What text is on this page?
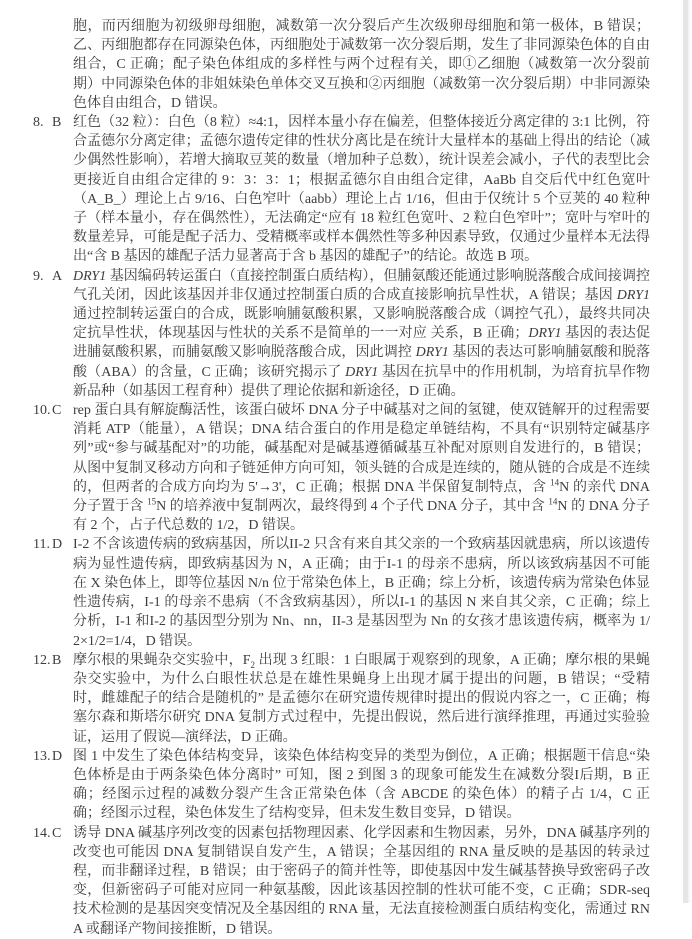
胞，而丙细胞为初级卵母细胞，减数第一次分裂后产生次级卵母细胞和第一极体，B 错误；乙、丙细胞都存在同源染色体，丙细胞处于减数第一次分裂后期，发生了非同源染色体的自由组合，C 正确；配子染色体组成的多样性与两个过程有关，即①乙细胞（减数第一次分裂前期）中同源染色体的非姐妹染色单体交叉互换和②丙细胞（减数第一次分裂后期）中非同源染色体自由组合，D 错误。
8. B 红色（32 粒）：白色（8 粒）≈4:1，因样本量小存在偏差，但整体接近分离定律的 3:1 比例，符合孟德尔分离定律；孟德尔遗传定律的性状分离比是在统计大量样本的基础上得出的结论（减少偶然性影响），若增大摘取豆荚的数量（增加种子总数），统计误差会减小，子代的表型比会更接近自由组合定律的 9：3：3：1；根据孟德尔自由组合定律，AaBb 自交后代中红色宽叶（A_B_）理论上占 9/16、白色窄叶（aabb）理论上占 1/16，但由于仅统计 5 个豆荚的 40 粒种子（样本量小，存在偶然性），无法确定“应有 18 粒红色宽叶、2 粒白色窄叶”；宽叶与窄叶的数量差异，可能是配子活力、受精概率或样本偶然性等多种因素导致，仅通过少量样本无法得出“含 B 基因的雄配子活力显著高于含 b 基因的雄配子”的结论。故选 B 项。
9. A DRY1 基因编码转运蛋白（直接控制蛋白质结构），但脯氨酸还能通过影响脱落酸合成间接调控气孔关闭，因此该基因并非仅通过控制蛋白质的合成直接影响抗旱性状，A 错误；基因 DRY1 通过控制转运蛋白的合成，既影响脯氨酸积累，又影响脱落酸合成（调控气孔），最终共同决定抗旱性状，体现基因与性状的关系不是简单的一一对应 关系，B 正确；DRY1 基因的表达促进脯氨酸积累，而脯氨酸又影响脱落酸合成，因此调控 DRY1 基因的表达可影响脯氨酸和脱落酸（ABA）的含量，C 正确；该研究揭示了 DRY1 基因在抗旱中的作用机制，为培育抗旱作物新品种（如基因工程育种）提供了理论依据和新途径，D 正确。
10. C rep 蛋白具有解旋酶活性，该蛋白破坏 DNA 分子中碱基对之间的氢键，使双链解开的过程需要消耗 ATP（能量），A 错误；DNA 结合蛋白的作用是稳定单链结构，不具有“识别特定碱基序列”或“参与碱基配对”的功能，碱基配对是碱基遵循碱基互补配对原则自发进行的，B 错误；从图中复制叉移动方向和子链延伸方向可知，领头链的合成是连续的，随从链的合成是不连续的，但两者的合成方向均为 5'→3'，C 正确；根据 DNA 半保留复制特点，含 $^{14}$N 的亲代 DNA 分子置于含 $^{15}$N 的培养液中复制两次，最终得到 4 个子代 DNA 分子，其中含 $^{14}$N 的 DNA 分子有 2 个，占子代总数的 1/2，D 错误。
11. D I-2 不含该遗传病的致病基因，所以II-2 只含有来自其父亲的一个致病基因就患病，所以该遗传病为显性遗传病，即致病基因为 N，A 正确；由于I-1 的母亲不患病，所以该致病基因不可能在 X 染色体上，即等位基因 N/n 位于常染色体上，B 正确；综上分析，该遗传病为常染色体显性遗传病，I-1 的母亲不患病（不含致病基因），所以I-1 的基因 N 来自其父亲，C 正确；综上分析，I-1 和I-2 的基因型分别为 Nn、nn，II-3 是基因型为 Nn 的女孩才患该遗传病，概率为 1/2×1/2=1/4，D 错误。
12. B 摩尔根的果蝇杂交实验中，$F_2$ 出现 3 红眼：1 白眼属于观察到的现象，A 正确；摩尔根的果蝇杂交实验中，为什么白眼性状总是在雄性果蝇身上出现才属于提出的问题，B 错误；“受精时，雌雄配子的结合是随机的” 是孟德尔在研究遗传规律时提出的假说内容之一，C 正确；梅塞尔森和斯塔尔研究 DNA 复制方式过程中，先提出假说，然后进行演绎推理，再通过实验验证，运用了假说—演绎法，D 正确。
13. D 图 1 中发生了染色体结构变异，该染色体结构变异的类型为倒位，A 正确；根据题干信息“染色体桥是由于两条染色体分离时” 可知，图 2 到图 3 的现象可能发生在减数分裂I后期，B 正确；经图示过程的减数分裂产生含正常染色体（含 ABCDE 的染色体）的精子占 1/4，C 正确；经图示过程，染色体发生了结构变异，但未发生数目变异，D 错误。
14. C 诱导 DNA 碱基序列改变的因素包括物理因素、化学因素和生物因素，另外，DNA 碱基序列的改变也可能因 DNA 复制错误自发产生，A 错误；全基因组的 RNA 量反映的是基因的转录过程，而非翻译过程，B 错误；由于密码子的简并性等，即使基因中发生碱基替换导致密码子改变，但新密码子可能对应同一种氨基酸，因此该基因控制的性状可能不变，C 正确；SDR-seq 技术检测的是基因突变情况及全基因组的 RNA 量，无法直接检测蛋白质结构变化，需通过 RNA 或翻译产物间接推断，D 错误。
